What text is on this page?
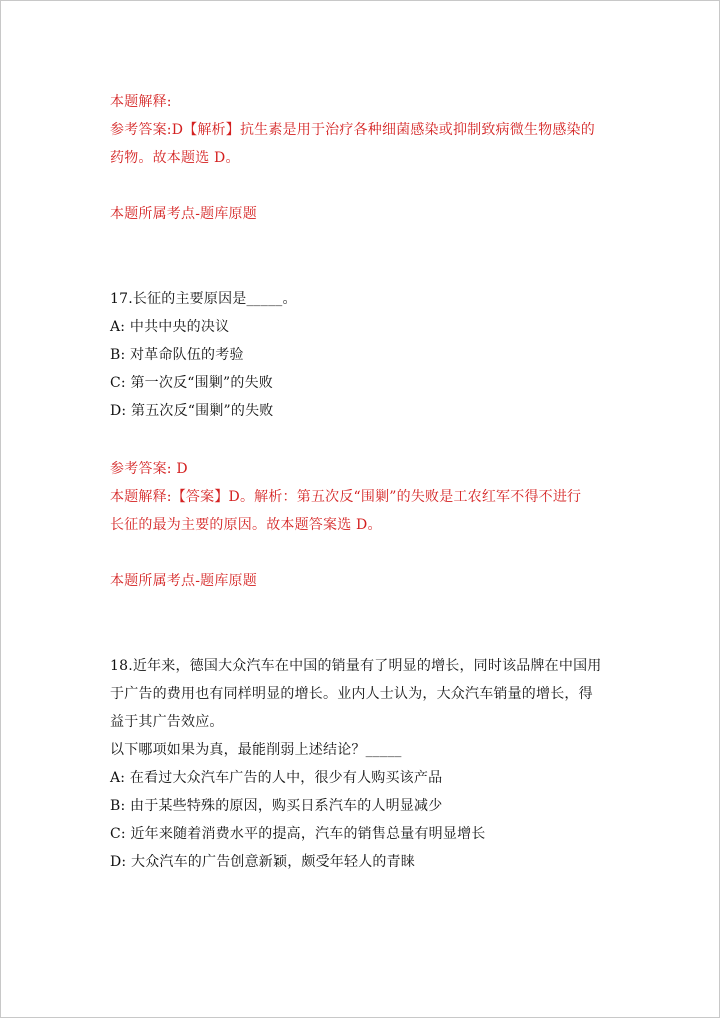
本题解释:
参考答案:D【解析】抗生素是用于治疗各种细菌感染或抑制致病微生物感染的
药物。故本题选 D。
本题所属考点-题库原题
17.长征的主要原因是_____。
A: 中共中央的决议
B: 对革命队伍的考验
C: 第一次反“围剿”的失败
D: 第五次反“围剿”的失败
参考答案: D
本题解释:【答案】D。解析：第五次反“围剿”的失败是工农红军不得不进行
长征的最为主要的原因。故本题答案选 D。
本题所属考点-题库原题
18.近年来，德国大众汽车在中国的销量有了明显的增长，同时该品牌在中国用
于广告的费用也有同样明显的增长。业内人士认为，大众汽车销量的增长，得
益于其广告效应。
以下哪项如果为真，最能削弱上述结论？_____
A: 在看过大众汽车广告的人中，很少有人购买该产品
B: 由于某些特殊的原因，购买日系汽车的人明显减少
C: 近年来随着消费水平的提高，汽车的销售总量有明显增长
D: 大众汽车的广告创意新颖，颇受年轻人的青睐
